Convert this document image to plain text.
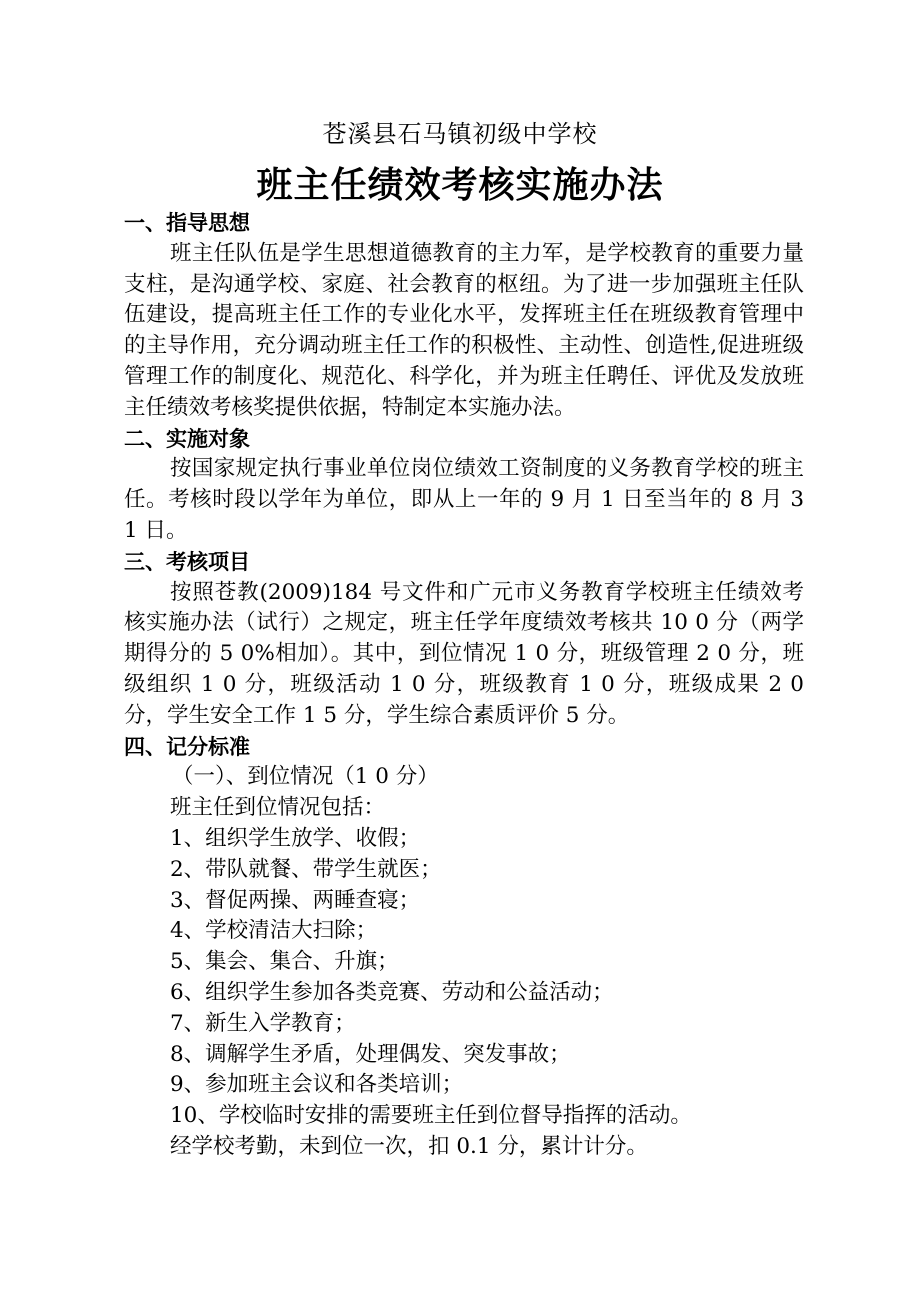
苍溪县石马镇初级中学校
班主任绩效考核实施办法

一、指导思想

班主任队伍是学生思想道德教育的主力军，是学校教育的重要力量支柱，是沟通学校、家庭、社会教育的枢纽。为了进一步加强班主任队伍建设，提高班主任工作的专业化水平，发挥班主任在班级教育管理中的主导作用，充分调动班主任工作的积极性、主动性、创造性,促进班级管理工作的制度化、规范化、科学化，并为班主任聘任、评优及发放班主任绩效考核奖提供依据，特制定本实施办法。

二、实施对象

按国家规定执行事业单位岗位绩效工资制度的义务教育学校的班主任。考核时段以学年为单位，即从上一年的 9 月 1 日至当年的 8 月 3 1 日。

三、考核项目

按照苍教(2009)184 号文件和广元市义务教育学校班主任绩效考核实施办法（试行）之规定，班主任学年度绩效考核共 10 0 分（两学期得分的 5 0%相加）。其中，到位情况 1 0 分，班级管理 2 0 分，班级组织 1 0 分，班级活动 1 0 分，班级教育 1 0 分，班级成果 2 0 分，学生安全工作 1 5 分，学生综合素质评价 5 分。

四、记分标准

（一）、到位情况（1 0 分）

班主任到位情况包括：

1、组织学生放学、收假；

2、带队就餐、带学生就医；

3、督促两操、两睡查寝；

4、学校清洁大扫除；

5、集会、集合、升旗；

6、组织学生参加各类竞赛、劳动和公益活动；

7、新生入学教育；

8、调解学生矛盾，处理偶发、突发事故；

9、参加班主会议和各类培训；

10、学校临时安排的需要班主任到位督导指挥的活动。

经学校考勤，未到位一次，扣 0.1 分，累计计分。
